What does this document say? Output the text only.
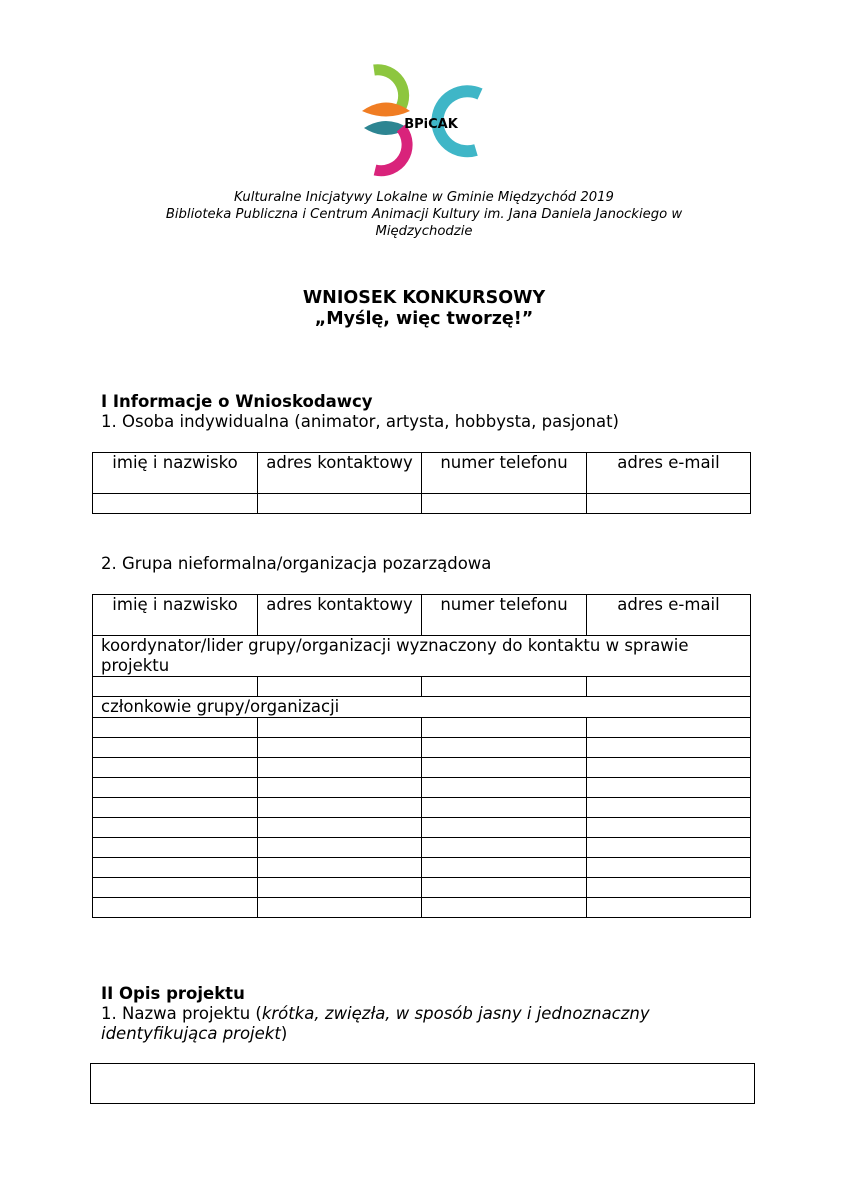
BPiCAK
Kulturalne Inicjatywy Lokalne w Gminie Międzychód 2019
Biblioteka Publiczna i Centrum Animacji Kultury im. Jana Daniela Janockiego w
Międzychodzie
WNIOSEK KONKURSOWY
„Myślę, więc tworzę!”
I Informacje o Wnioskodawcy
1. Osoba indywidualna (animator, artysta, hobbysta, pasjonat)
imię i nazwisko	adres kontaktowy	numer telefonu	adres e-mail

2. Grupa nieformalna/organizacja pozarządowa
imię i nazwisko	adres kontaktowy	numer telefonu	adres e-mail
koordynator/lider grupy/organizacji wyznaczony do kontaktu w sprawie projektu			

członkowie grupy/organizacji			

II Opis projektu
1. Nazwa projektu (krótka, zwięzła, w sposób jasny i jednoznaczny identyfikująca projekt)
